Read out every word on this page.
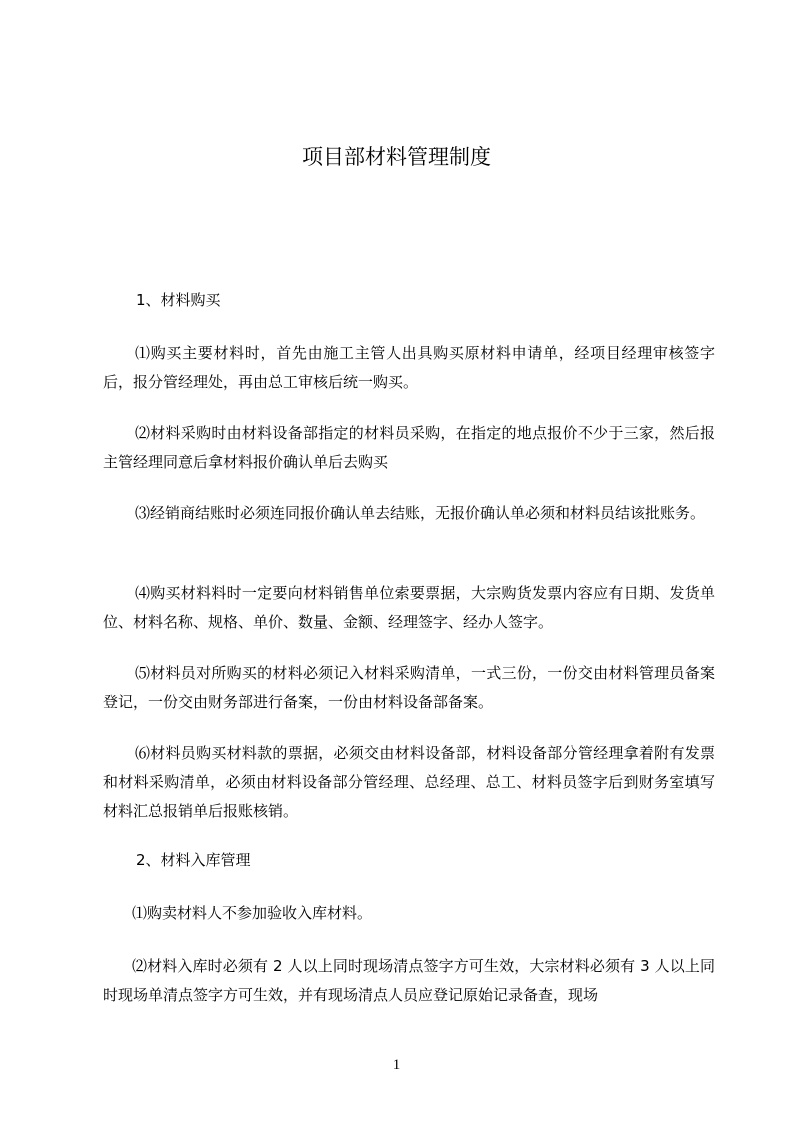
项目部材料管理制度

1、材料购买

⑴购买主要材料时，首先由施工主管人出具购买原材料申请单，经项目经理审核签字后，报分管经理处，再由总工审核后统一购买。

⑵材料采购时由材料设备部指定的材料员采购，在指定的地点报价不少于三家，然后报主管经理同意后拿材料报价确认单后去购买

⑶经销商结账时必须连同报价确认单去结账，无报价确认单必须和材料员结该批账务。

⑷购买材料料时一定要向材料销售单位索要票据，大宗购货发票内容应有日期、发货单位、材料名称、规格、单价、数量、金额、经理签字、经办人签字。

⑸材料员对所购买的材料必须记入材料采购清单，一式三份，一份交由材料管理员备案登记，一份交由财务部进行备案，一份由材料设备部备案。

⑹材料员购买材料款的票据，必须交由材料设备部，材料设备部分管经理拿着附有发票和材料采购清单，必须由材料设备部分管经理、总经理、总工、材料员签字后到财务室填写材料汇总报销单后报账核销。

2、材料入库管理

⑴购卖材料人不参加验收入库材料。

⑵材料入库时必须有 2 人以上同时现场清点签字方可生效，大宗材料必须有 3 人以上同时现场单清点签字方可生效，并有现场清点人员应登记原始记录备查，现场

1
